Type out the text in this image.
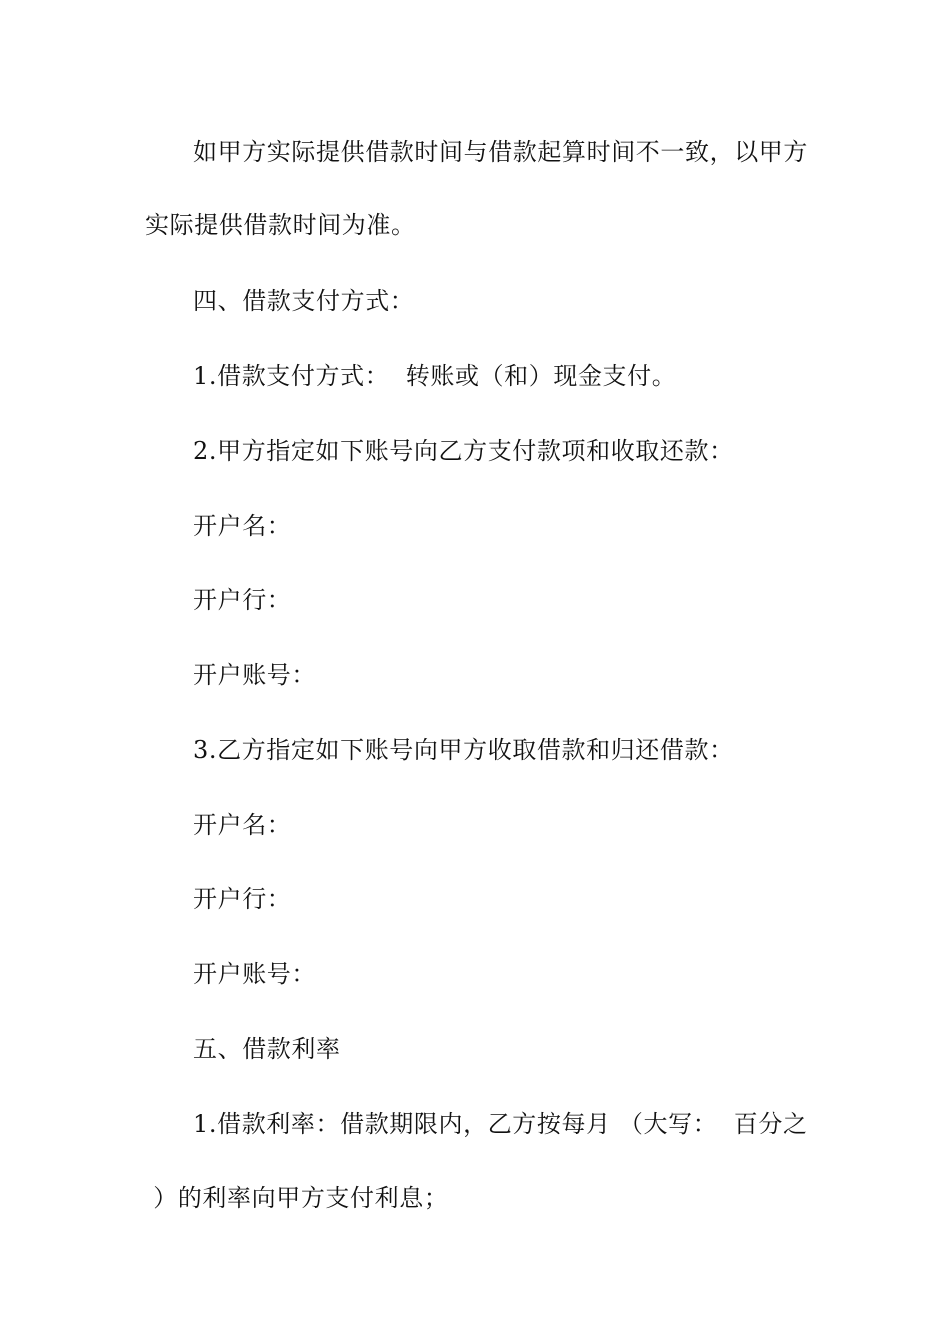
如甲方实际提供借款时间与借款起算时间不一致，以甲方

实际提供借款时间为准。

四、借款支付方式：

1.借款支付方式：  转账或（和）现金支付。

2.甲方指定如下账号向乙方支付款项和收取还款：

开户名：

开户行：

开户账号：

3.乙方指定如下账号向甲方收取借款和归还借款：

开户名：

开户行：

开户账号：

五、借款利率

1.借款利率：借款期限内，乙方按每月 （大写：  百分之

）的利率向甲方支付利息；
